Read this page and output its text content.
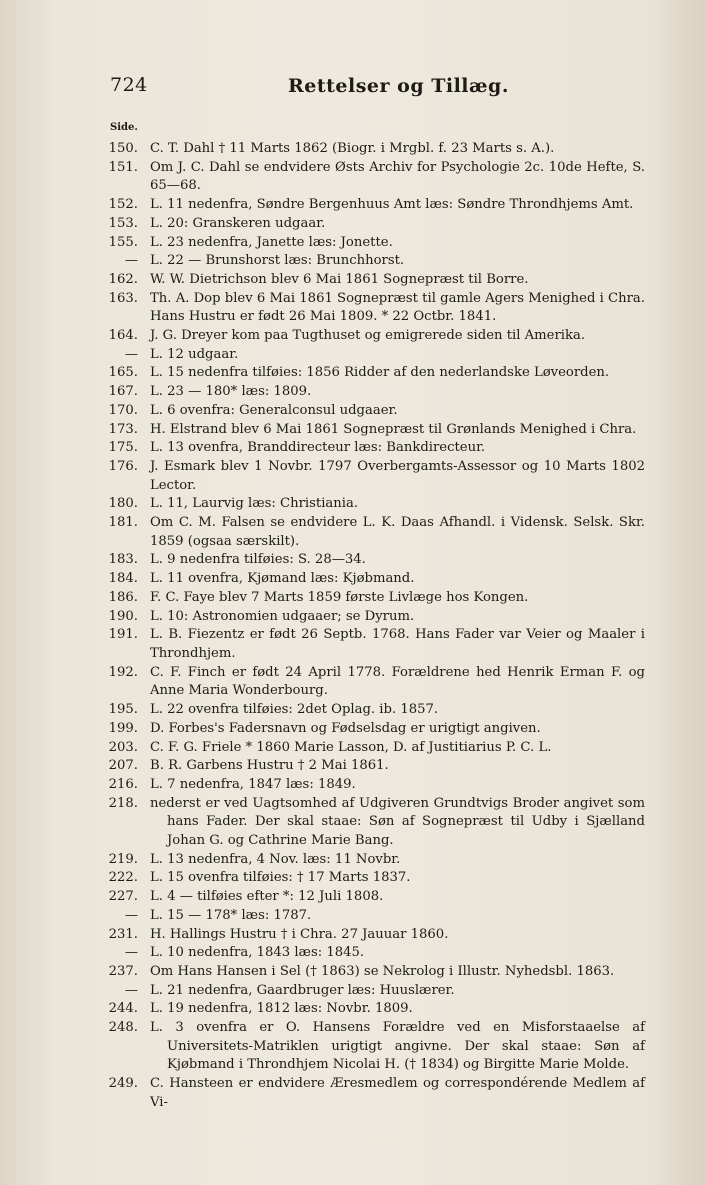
724	Rettelser og Tillæg.
Side.
150. C. T. Dahl † 11 Marts 1862 (Biogr. i Mrgbl. f. 23 Marts s. A.).
151. Om J. C. Dahl se endvidere Østs Archiv for Psychologie 2c. 10de Hefte, S. 65—68.
152. L. 11 nedenfra, Søndre Bergenhuus Amt læs: Søndre Throndhjems Amt.
153. L. 20: Granskeren udgaar.
155. L. 23 nedenfra, Janette læs: Jonette.
— L. 22 — Brunshorst læs: Brunchhorst.
162. W. W. Dietrichson blev 6 Mai 1861 Sognepræst til Borre.
163. Th. A. Dop blev 6 Mai 1861 Sognepræst til gamle Agers Menighed i Chra. Hans Hustru er født 26 Mai 1809. * 22 Octbr. 1841.
164. J. G. Dreyer kom paa Tugthuset og emigrerede siden til Amerika.
— L. 12 udgaar.
165. L. 15 nedenfra tilføies: 1856 Ridder af den nederlandske Løveorden.
167. L. 23 — 180* læs: 1809.
170. L. 6 ovenfra: Generalconsul udgaaer.
173. H. Elstrand blev 6 Mai 1861 Sognepræst til Grønlands Menighed i Chra.
175. L. 13 ovenfra, Branddirecteur læs: Bankdirecteur.
176. J. Esmark blev 1 Novbr. 1797 Overbergamts-Assessor og 10 Marts 1802 Lector.
180. L. 11, Laurvig læs: Christiania.
181. Om C. M. Falsen se endvidere L. K. Daas Afhandl. i Vidensk. Selsk. Skr. 1859 (ogsaa særskilt).
183. L. 9 nedenfra tilføies: S. 28—34.
184. L. 11 ovenfra, Kjømand læs: Kjøbmand.
186. F. C. Faye blev 7 Marts 1859 første Livlæge hos Kongen.
190. L. 10: Astronomien udgaaer; se Dyrum.
191. L. B. Fiezentz er født 26 Septb. 1768. Hans Fader var Veier og Maaler i Throndhjem.
192. C. F. Finch er født 24 April 1778. Forældrene hed Henrik Erman F. og Anne Maria Wonderbourg.
195. L. 22 ovenfra tilføies: 2det Oplag. ib. 1857.
199. D. Forbes's Fadersnavn og Fødselsdag er urigtigt angiven.
203. C. F. G. Friele * 1860 Marie Lasson, D. af Justitiarius P. C. L.
207. B. R. Garbens Hustru † 2 Mai 1861.
216. L. 7 nedenfra, 1847 læs: 1849.
218. nederst er ved Uagtsomhed af Udgiveren Grundtvigs Broder angivet som hans Fader. Der skal staae: Søn af Sognepræst til Udby i Sjælland Johan G. og Cathrine Marie Bang.
219. L. 13 nedenfra, 4 Nov. læs: 11 Novbr.
222. L. 15 ovenfra tilføies: † 17 Marts 1837.
227. L. 4 — tilføies efter *: 12 Juli 1808.
— L. 15 — 178* læs: 1787.
231. H. Hallings Hustru † i Chra. 27 Jauuar 1860.
— L. 10 nedenfra, 1843 læs: 1845.
237. Om Hans Hansen i Sel († 1863) se Nekrolog i Illustr. Nyhedsbl. 1863.
— L. 21 nedenfra, Gaardbruger læs: Huuslærer.
244. L. 19 nedenfra, 1812 læs: Novbr. 1809.
248. L. 3 ovenfra er O. Hansens Forældre ved en Misforstaaelse af Universitets-Matriklen urigtigt angivne. Der skal staae: Søn af Kjøbmand i Throndhjem Nicolai H. († 1834) og Birgitte Marie Molde.
249. C. Hansteen er endvidere Æresmedlem og correspondérende Medlem af Vi-
